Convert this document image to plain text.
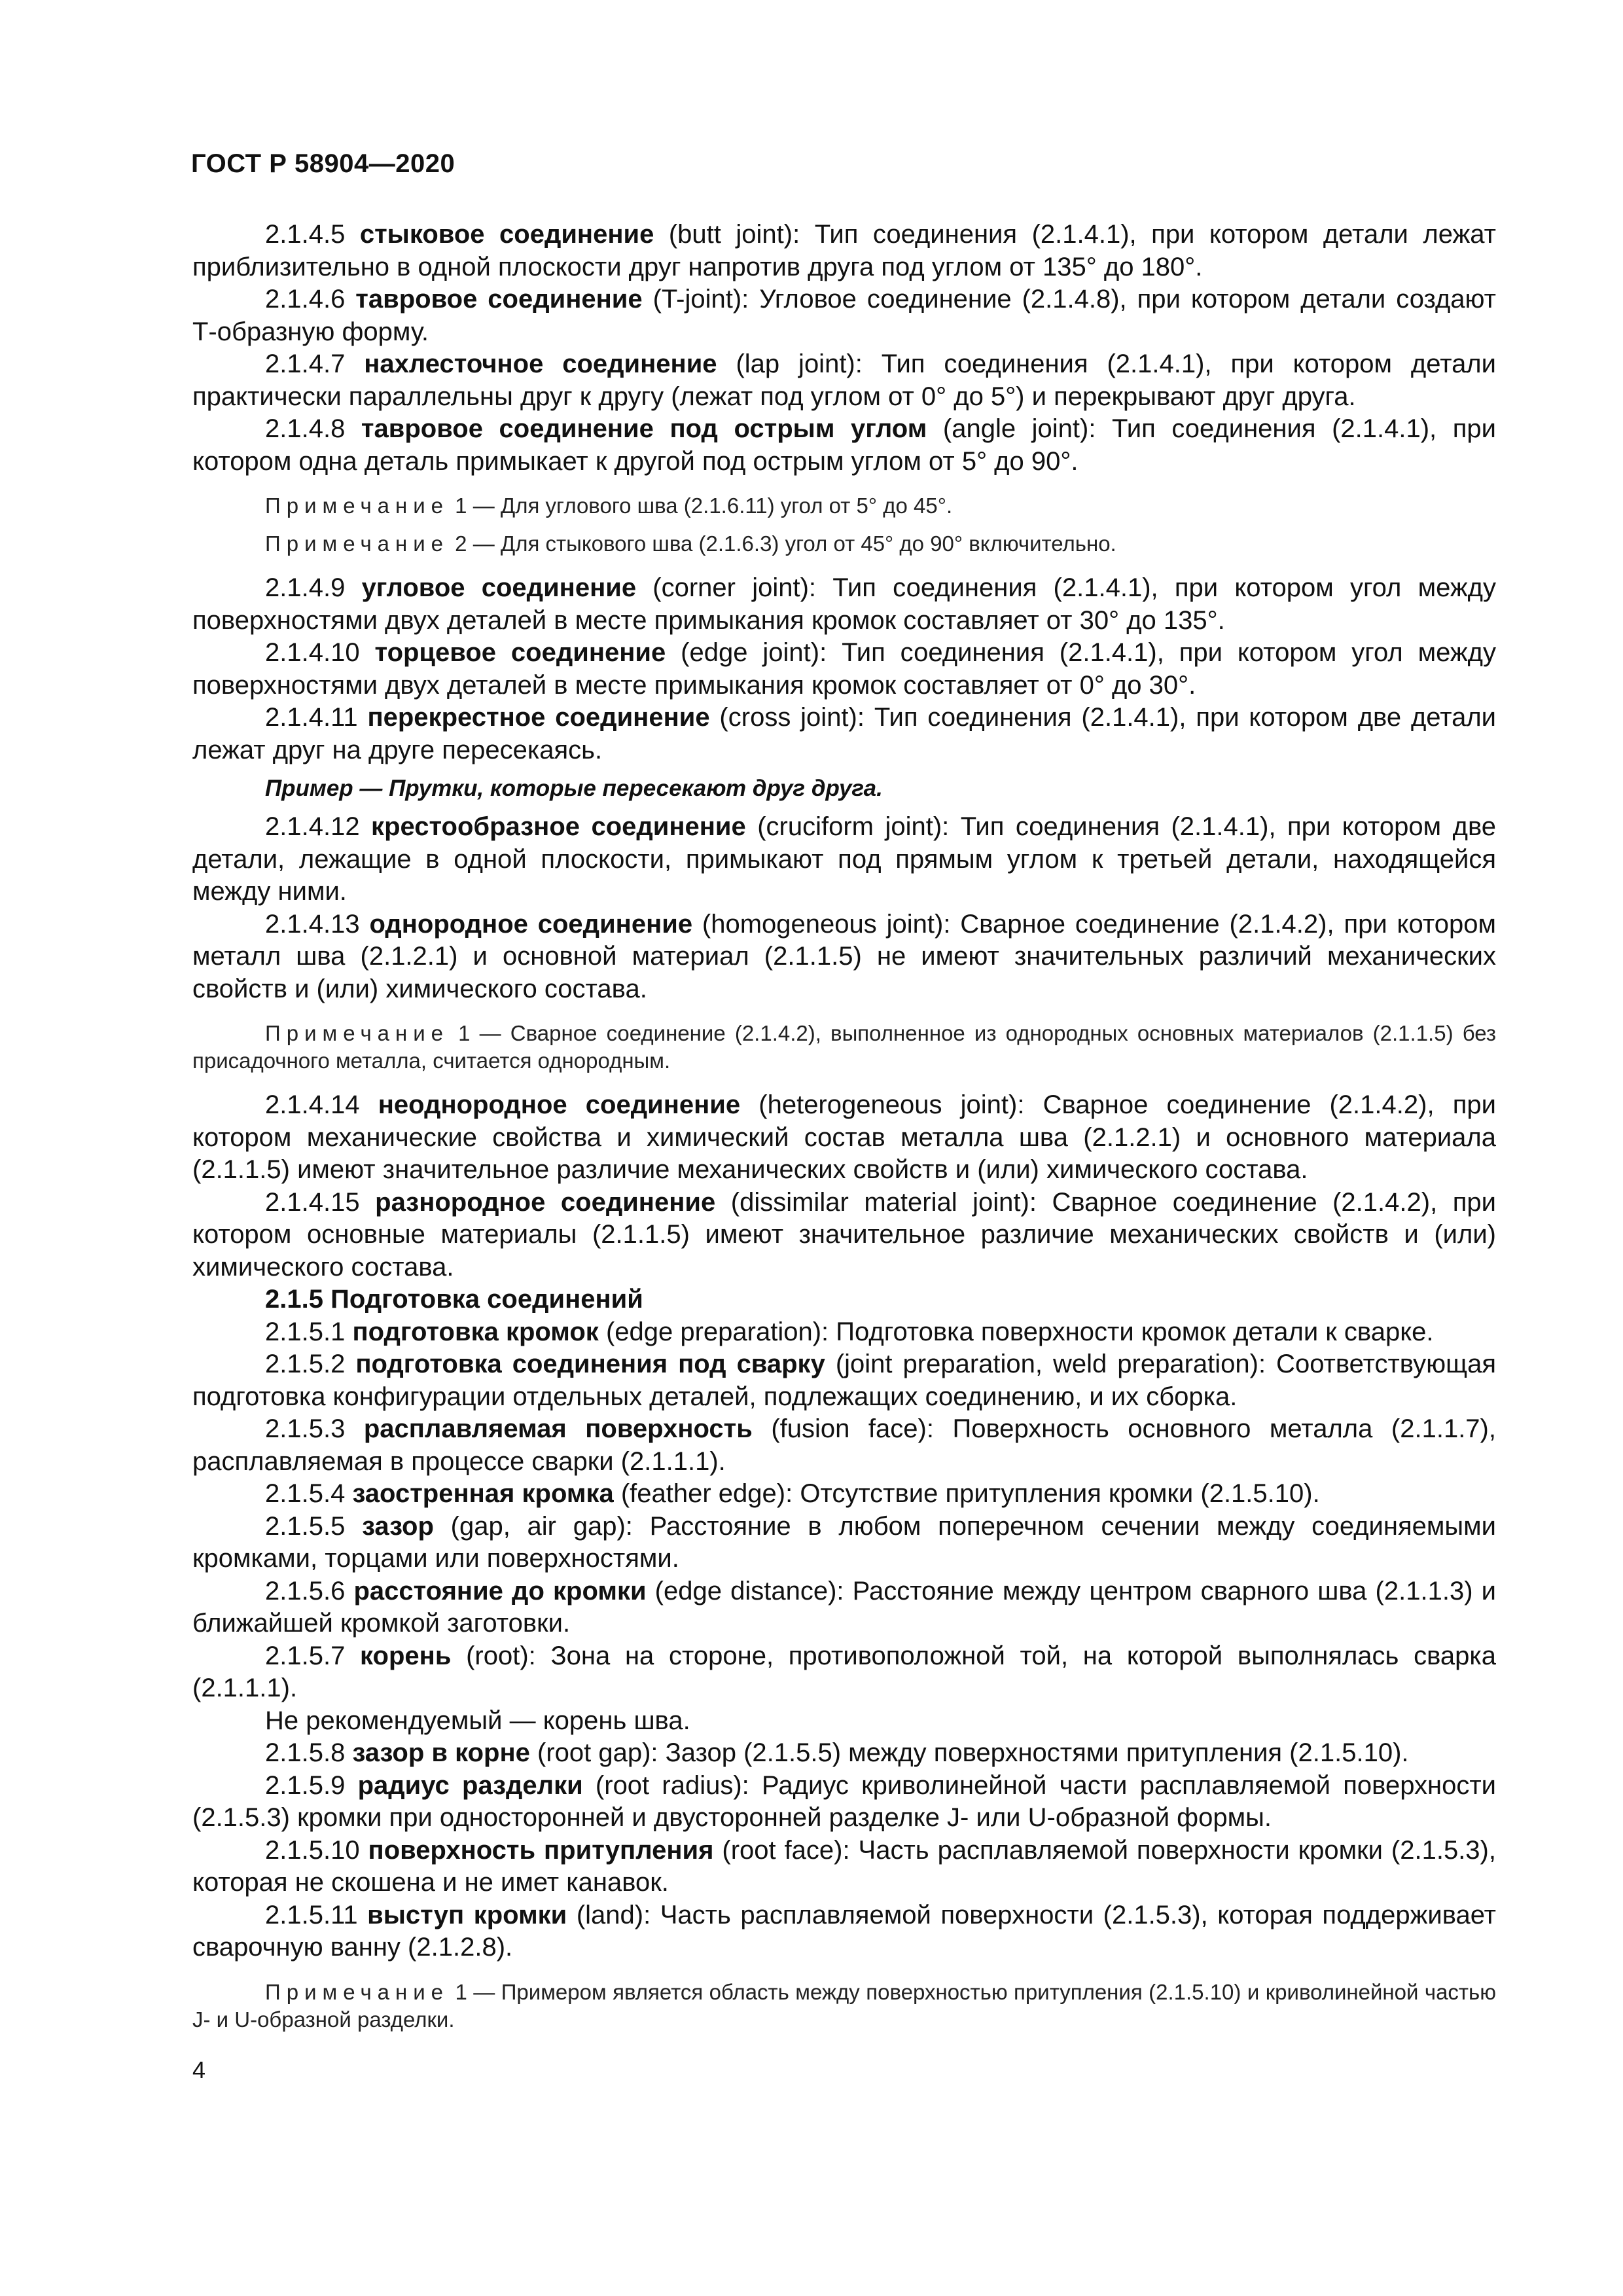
ГОСТ Р 58904—2020

2.1.4.5 стыковое соединение (butt joint): Тип соединения (2.1.4.1), при котором детали лежат приблизительно в одной плоскости друг напротив друга под углом от 135° до 180°.

2.1.4.6 тавровое соединение (T-joint): Угловое соединение (2.1.4.8), при котором детали создают Т-образную форму.

2.1.4.7 нахлесточное соединение (lap joint): Тип соединения (2.1.4.1), при котором детали практически параллельны друг к другу (лежат под углом от 0° до 5°) и перекрывают друг друга.

2.1.4.8 тавровое соединение под острым углом (angle joint): Тип соединения (2.1.4.1), при котором одна деталь примыкает к другой под острым углом от 5° до 90°.

Примечание 1 — Для углового шва (2.1.6.11) угол от 5° до 45°.

Примечание 2 — Для стыкового шва (2.1.6.3) угол от 45° до 90° включительно.

2.1.4.9 угловое соединение (corner joint): Тип соединения (2.1.4.1), при котором угол между поверхностями двух деталей в месте примыкания кромок составляет от 30° до 135°.

2.1.4.10 торцевое соединение (edge joint): Тип соединения (2.1.4.1), при котором угол между поверхностями двух деталей в месте примыкания кромок составляет от 0° до 30°.

2.1.4.11 перекрестное соединение (cross joint): Тип соединения (2.1.4.1), при котором две детали лежат друг на друге пересекаясь.

Пример — Прутки, которые пересекают друг друга.

2.1.4.12 крестообразное соединение (cruciform joint): Тип соединения (2.1.4.1), при котором две детали, лежащие в одной плоскости, примыкают под прямым углом к третьей детали, находящейся между ними.

2.1.4.13 однородное соединение (homogeneous joint): Сварное соединение (2.1.4.2), при котором металл шва (2.1.2.1) и основной материал (2.1.1.5) не имеют значительных различий механических свойств и (или) химического состава.

Примечание 1 — Сварное соединение (2.1.4.2), выполненное из однородных основных материалов (2.1.1.5) без присадочного металла, считается однородным.

2.1.4.14 неоднородное соединение (heterogeneous joint): Сварное соединение (2.1.4.2), при котором механические свойства и химический состав металла шва (2.1.2.1) и основного материала (2.1.1.5) имеют значительное различие механических свойств и (или) химического состава.

2.1.4.15 разнородное соединение (dissimilar material joint): Сварное соединение (2.1.4.2), при котором основные материалы (2.1.1.5) имеют значительное различие механических свойств и (или) химического состава.

2.1.5 Подготовка соединений

2.1.5.1 подготовка кромок (edge preparation): Подготовка поверхности кромок детали к сварке.

2.1.5.2 подготовка соединения под сварку (joint preparation, weld preparation): Соответствующая подготовка конфигурации отдельных деталей, подлежащих соединению, и их сборка.

2.1.5.3 расплавляемая поверхность (fusion face): Поверхность основного металла (2.1.1.7), расплавляемая в процессе сварки (2.1.1.1).

2.1.5.4 заостренная кромка (feather edge): Отсутствие притупления кромки (2.1.5.10).

2.1.5.5 зазор (gap, air gap): Расстояние в любом поперечном сечении между соединяемыми кромками, торцами или поверхностями.

2.1.5.6 расстояние до кромки (edge distance): Расстояние между центром сварного шва (2.1.1.3) и ближайшей кромкой заготовки.

2.1.5.7 корень (root): Зона на стороне, противоположной той, на которой выполнялась сварка (2.1.1.1).

Не рекомендуемый — корень шва.

2.1.5.8 зазор в корне (root gap): Зазор (2.1.5.5) между поверхностями притупления (2.1.5.10).

2.1.5.9 радиус разделки (root radius): Радиус криволинейной части расплавляемой поверхности (2.1.5.3) кромки при односторонней и двусторонней разделке J- или U-образной формы.

2.1.5.10 поверхность притупления (root face): Часть расплавляемой поверхности кромки (2.1.5.3), которая не скошена и не имет канавок.

2.1.5.11 выступ кромки (land): Часть расплавляемой поверхности (2.1.5.3), которая поддерживает сварочную ванну (2.1.2.8).

Примечание 1 — Примером является область между поверхностью притупления (2.1.5.10) и криволинейной частью J- и U-образной разделки.

4
